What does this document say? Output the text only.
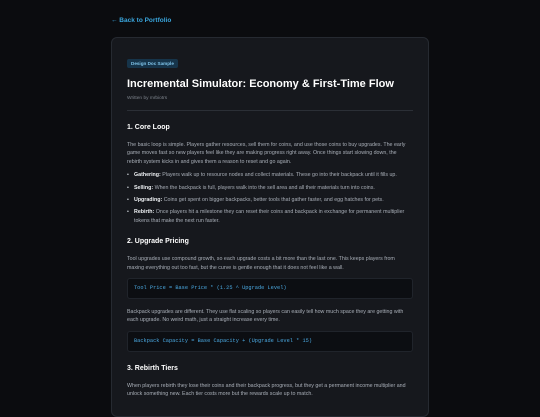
← Back to Portfolio
Design Doc Sample
Incremental Simulator: Economy & First-Time Flow
Written by mrbiotrs
1. Core Loop

The basic loop is simple. Players gather resources, sell them for coins, and use those coins to buy upgrades. The early game moves fast so new players feel like they are making progress right away. Once things start slowing down, the rebirth system kicks in and gives them a reason to reset and go again.

• Gathering: Players walk up to resource nodes and collect materials. These go into their backpack until it fills up.
• Selling: When the backpack is full, players walk into the sell area and all their materials turn into coins.
• Upgrading: Coins get spent on bigger backpacks, better tools that gather faster, and egg hatches for pets.
• Rebirth: Once players hit a milestone they can reset their coins and backpack in exchange for permanent multiplier tokens that make the next run faster.
2. Upgrade Pricing

Tool upgrades use compound growth, so each upgrade costs a bit more than the last one. This keeps players from maxing everything out too fast, but the curve is gentle enough that it does not feel like a wall.

Tool Price = Base Price * (1.25 ^ Upgrade Level)

Backpack upgrades are different. They use flat scaling so players can easily tell how much space they are getting with each upgrade. No weird math, just a straight increase every time.

Backpack Capacity = Base Capacity + (Upgrade Level * 15)
3. Rebirth Tiers

When players rebirth they lose their coins and their backpack progress, but they get a permanent income multiplier and unlock something new. Each tier costs more but the rewards scale up to match.
